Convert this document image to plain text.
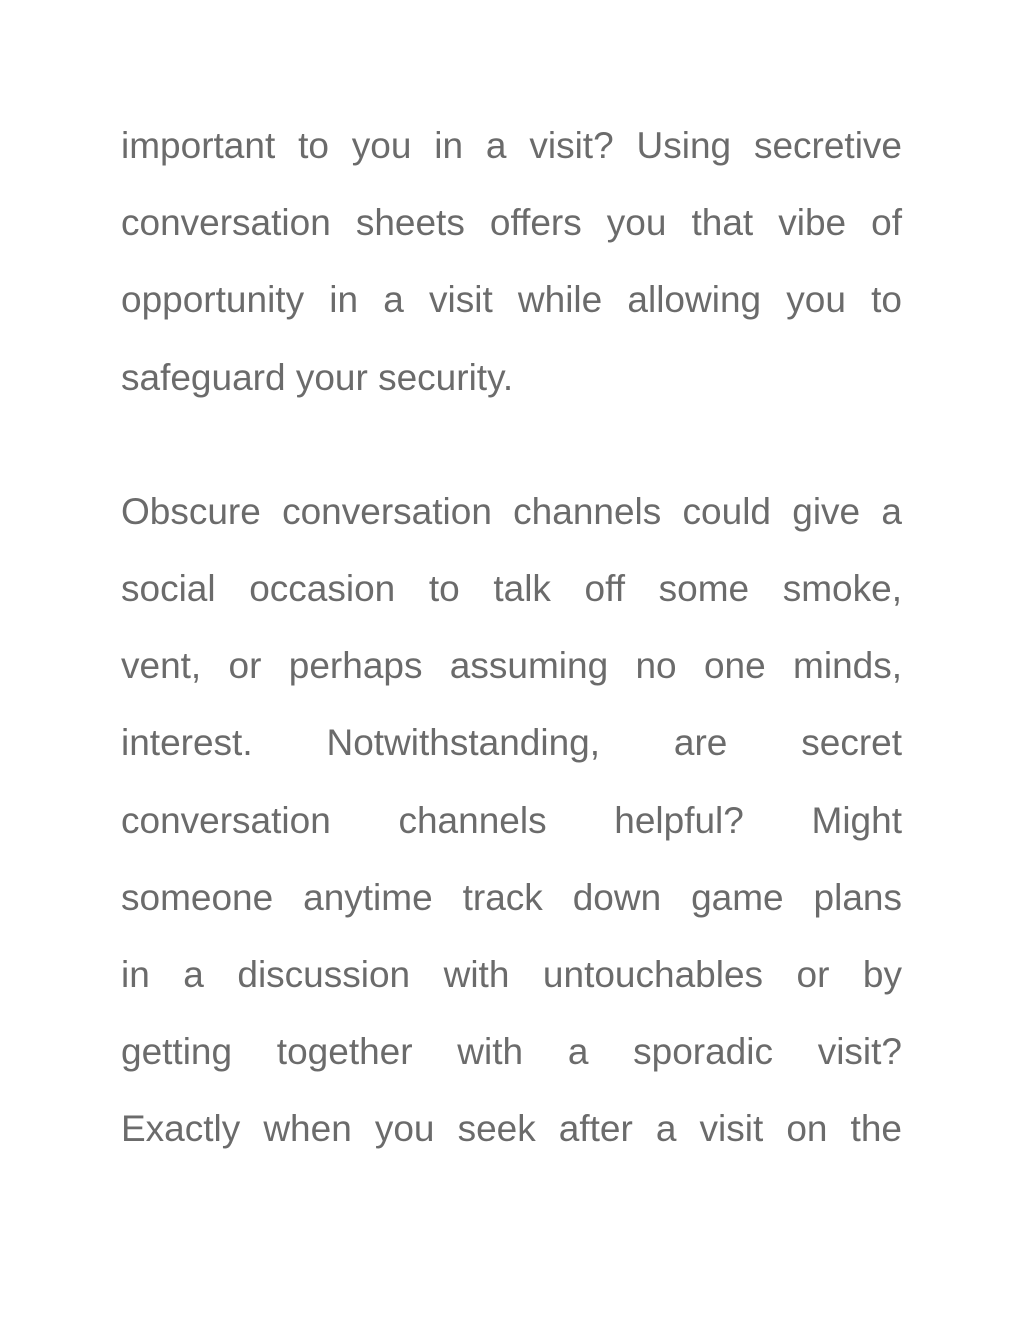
important to you in a visit? Using secretive
conversation sheets offers you that vibe of
opportunity in a visit while allowing you to
safeguard your security.

Obscure conversation channels could give a
social occasion to talk off some smoke,
vent, or perhaps assuming no one minds,
interest. Notwithstanding, are secret
conversation channels helpful? Might
someone anytime track down game plans
in a discussion with untouchables or by
getting together with a sporadic visit?
Exactly when you seek after a visit on the
